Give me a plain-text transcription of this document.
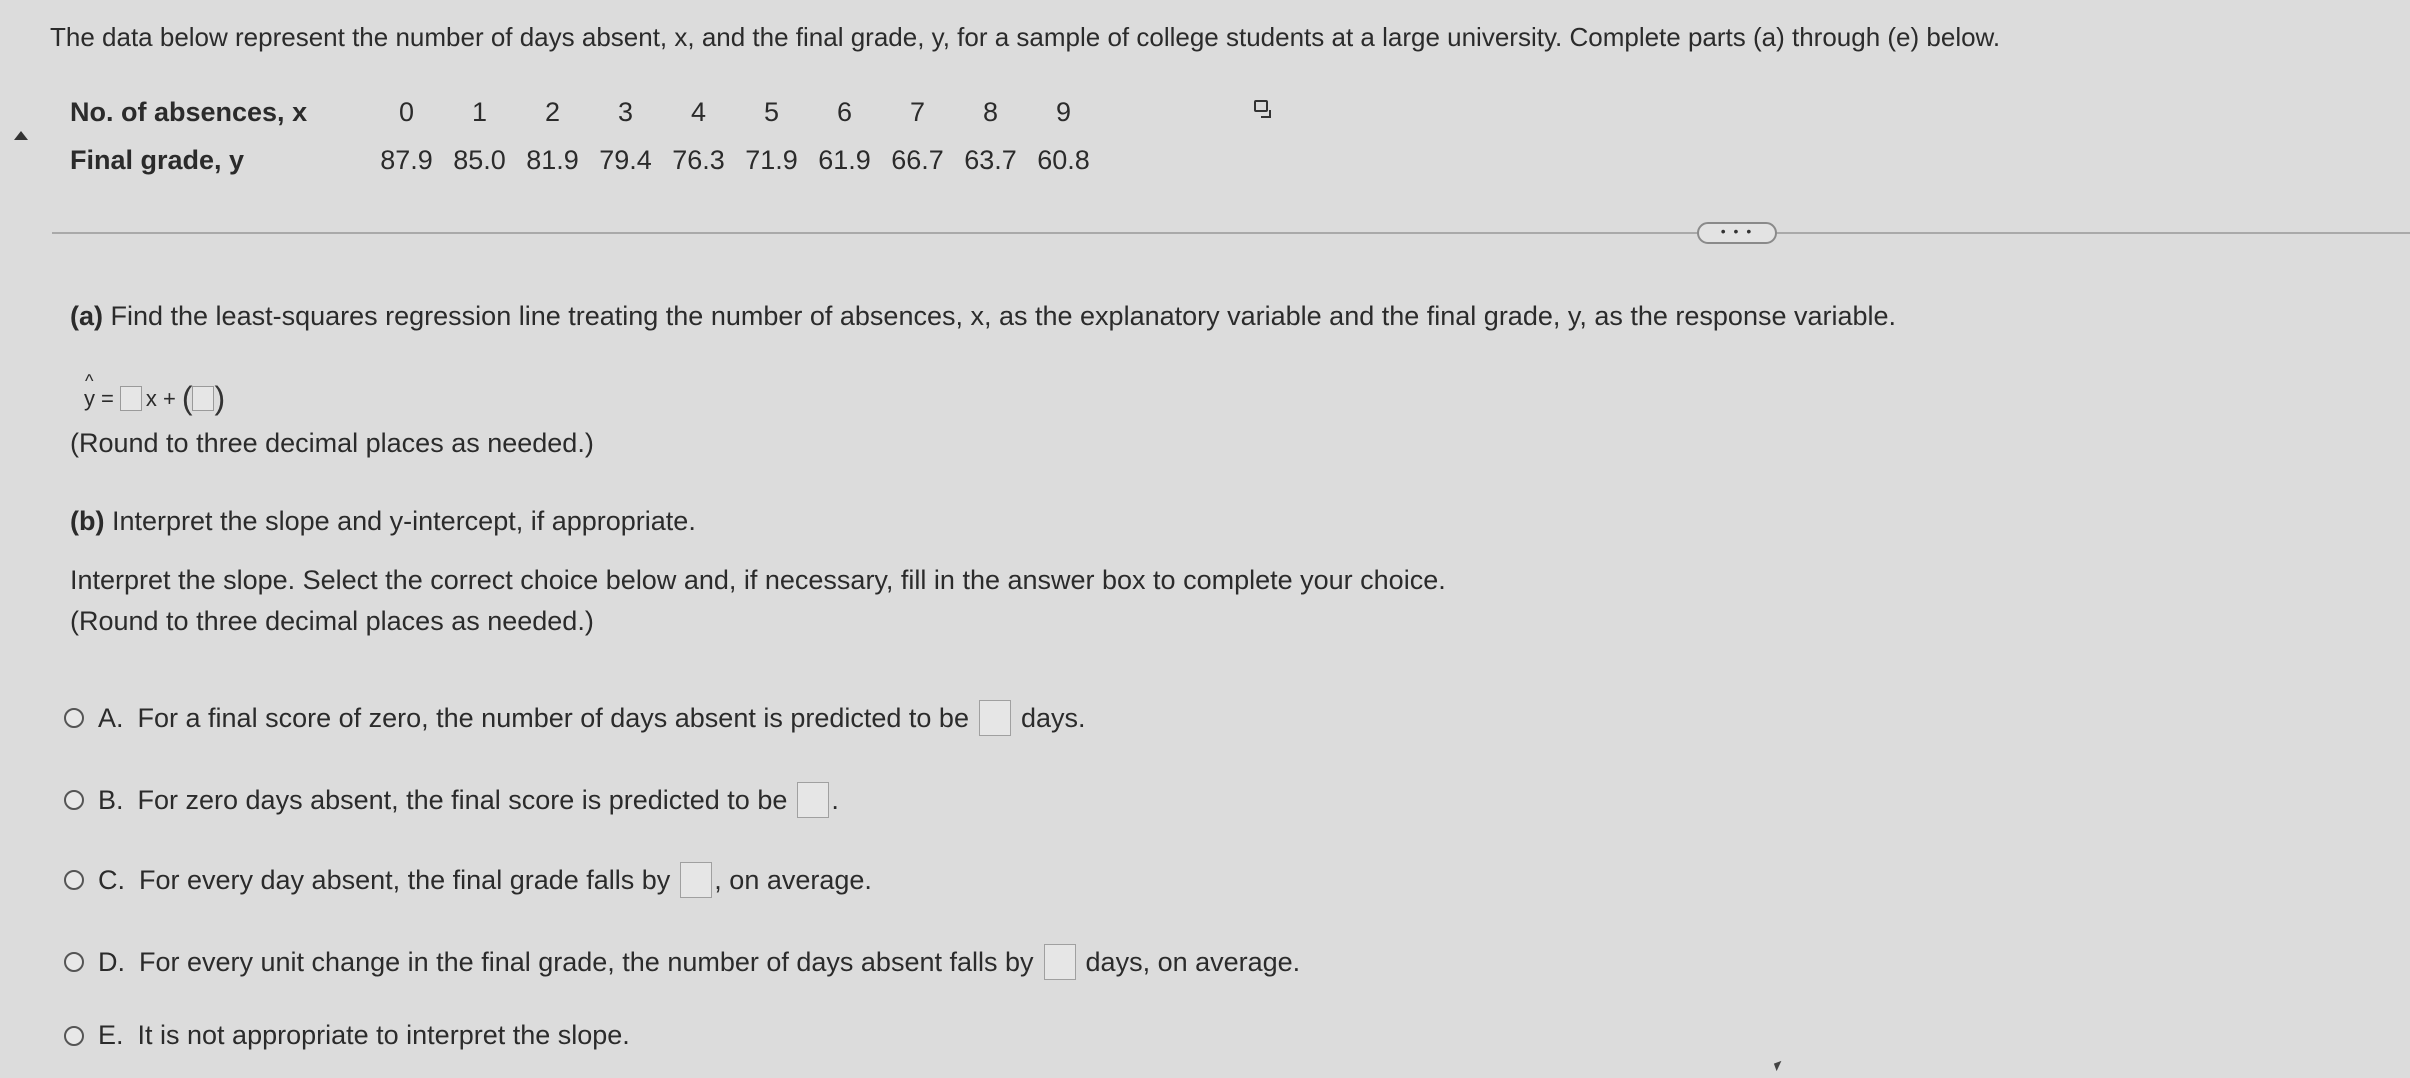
The data below represent the number of days absent, x, and the final grade, y, for a sample of college students at a large university. Complete parts (a) through (e) below.
No. of absences, x	0	1	2	3	4	5	6	7	8	9
Final grade, y	87.9	85.0	81.9	79.4	76.3	71.9	61.9	66.7	63.7	60.8
• • •
(a) Find the least-squares regression line treating the number of absences, x, as the explanatory variable and the final grade, y, as the response variable.
^ y = x + ( )
(Round to three decimal places as needed.)
(b) Interpret the slope and y-intercept, if appropriate.
Interpret the slope. Select the correct choice below and, if necessary, fill in the answer box to complete your choice.
(Round to three decimal places as needed.)
A. For a final score of zero, the number of days absent is predicted to be days.
B. For zero days absent, the final score is predicted to be .
C. For every day absent, the final grade falls by , on average.
D. For every unit change in the final grade, the number of days absent falls by days, on average.
E. It is not appropriate to interpret the slope.
